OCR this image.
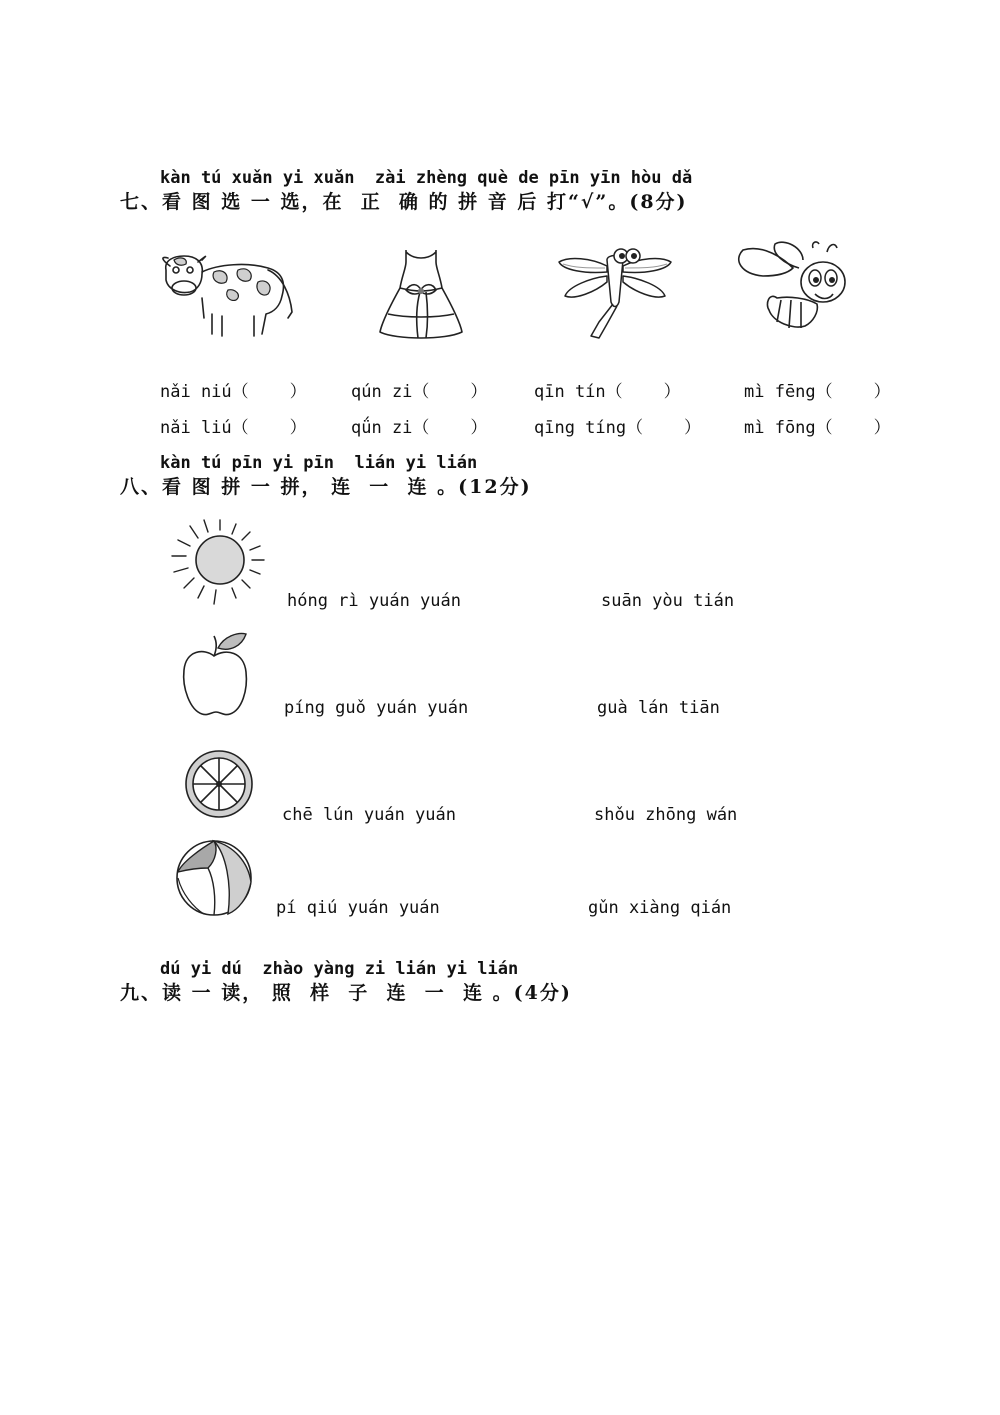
kàn tú xuǎn yi xuǎn  zài zhèng què de pīn yīn hòu dǎ
七、看 图 选 一 选，在  正  确 的 拼 音 后 打“√”。(8分)
nǎi niú（    ）	qún zi（    ）	qīn tín（    ）	mì fēng（    ）
nǎi liú（    ）	qǘn zi（    ）	qīng tíng（    ）	mì fōng（    ）
kàn tú pīn yi pīn  lián yi lián
八、看 图 拼 一 拼， 连  一  连 。(12分)
hóng rì yuán yuán	suān yòu tián
píng guǒ yuán yuán	guà lán tiān
chē lún yuán yuán	shǒu zhōng wán
pí qiú yuán yuán	gǔn xiàng qián
dú yi dú  zhào yàng zi lián yi lián
九、读 一 读， 照  样  子  连  一  连 。(4分)
